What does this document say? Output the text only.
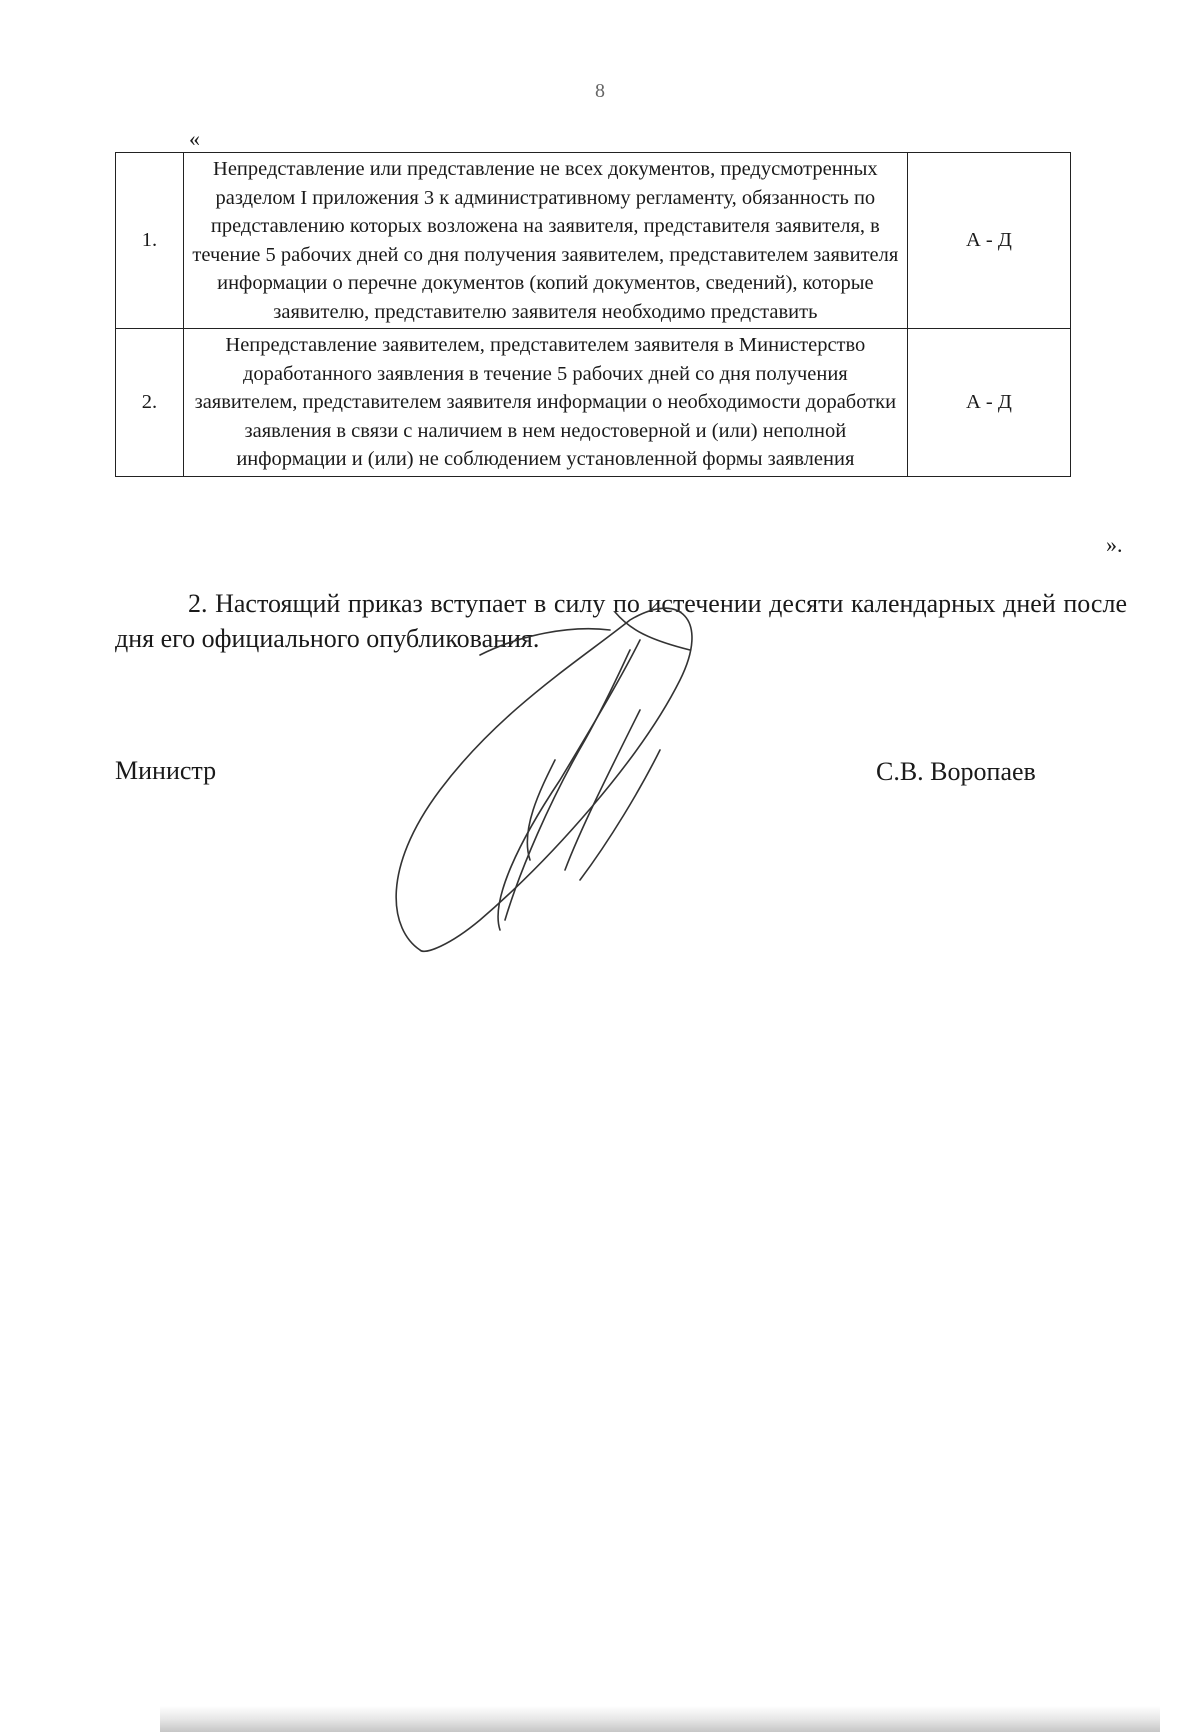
8
«
1.	Непредставление или представление не всех документов, предусмотренных разделом I приложения 3 к административному регламенту, обязанность по представлению которых возложена на заявителя, представителя заявителя, в течение 5 рабочих дней со дня получения заявителем, представителем заявителя информации о перечне документов (копий документов, сведений), которые заявителю, представителю заявителя необходимо представить	А - Д
2.	Непредставление заявителем, представителем заявителя в Министерство доработанного заявления в течение 5 рабочих дней со дня получения заявителем, представителем заявителя информации о необходимости доработки заявления в связи с наличием в нем недостоверной и (или) неполной информации и (или) не соблюдением установленной формы заявления	А - Д
».

2. Настоящий приказ вступает в силу по истечении десяти календарных дней после дня его официального опубликования.

Министр	С.В. Воропаев
